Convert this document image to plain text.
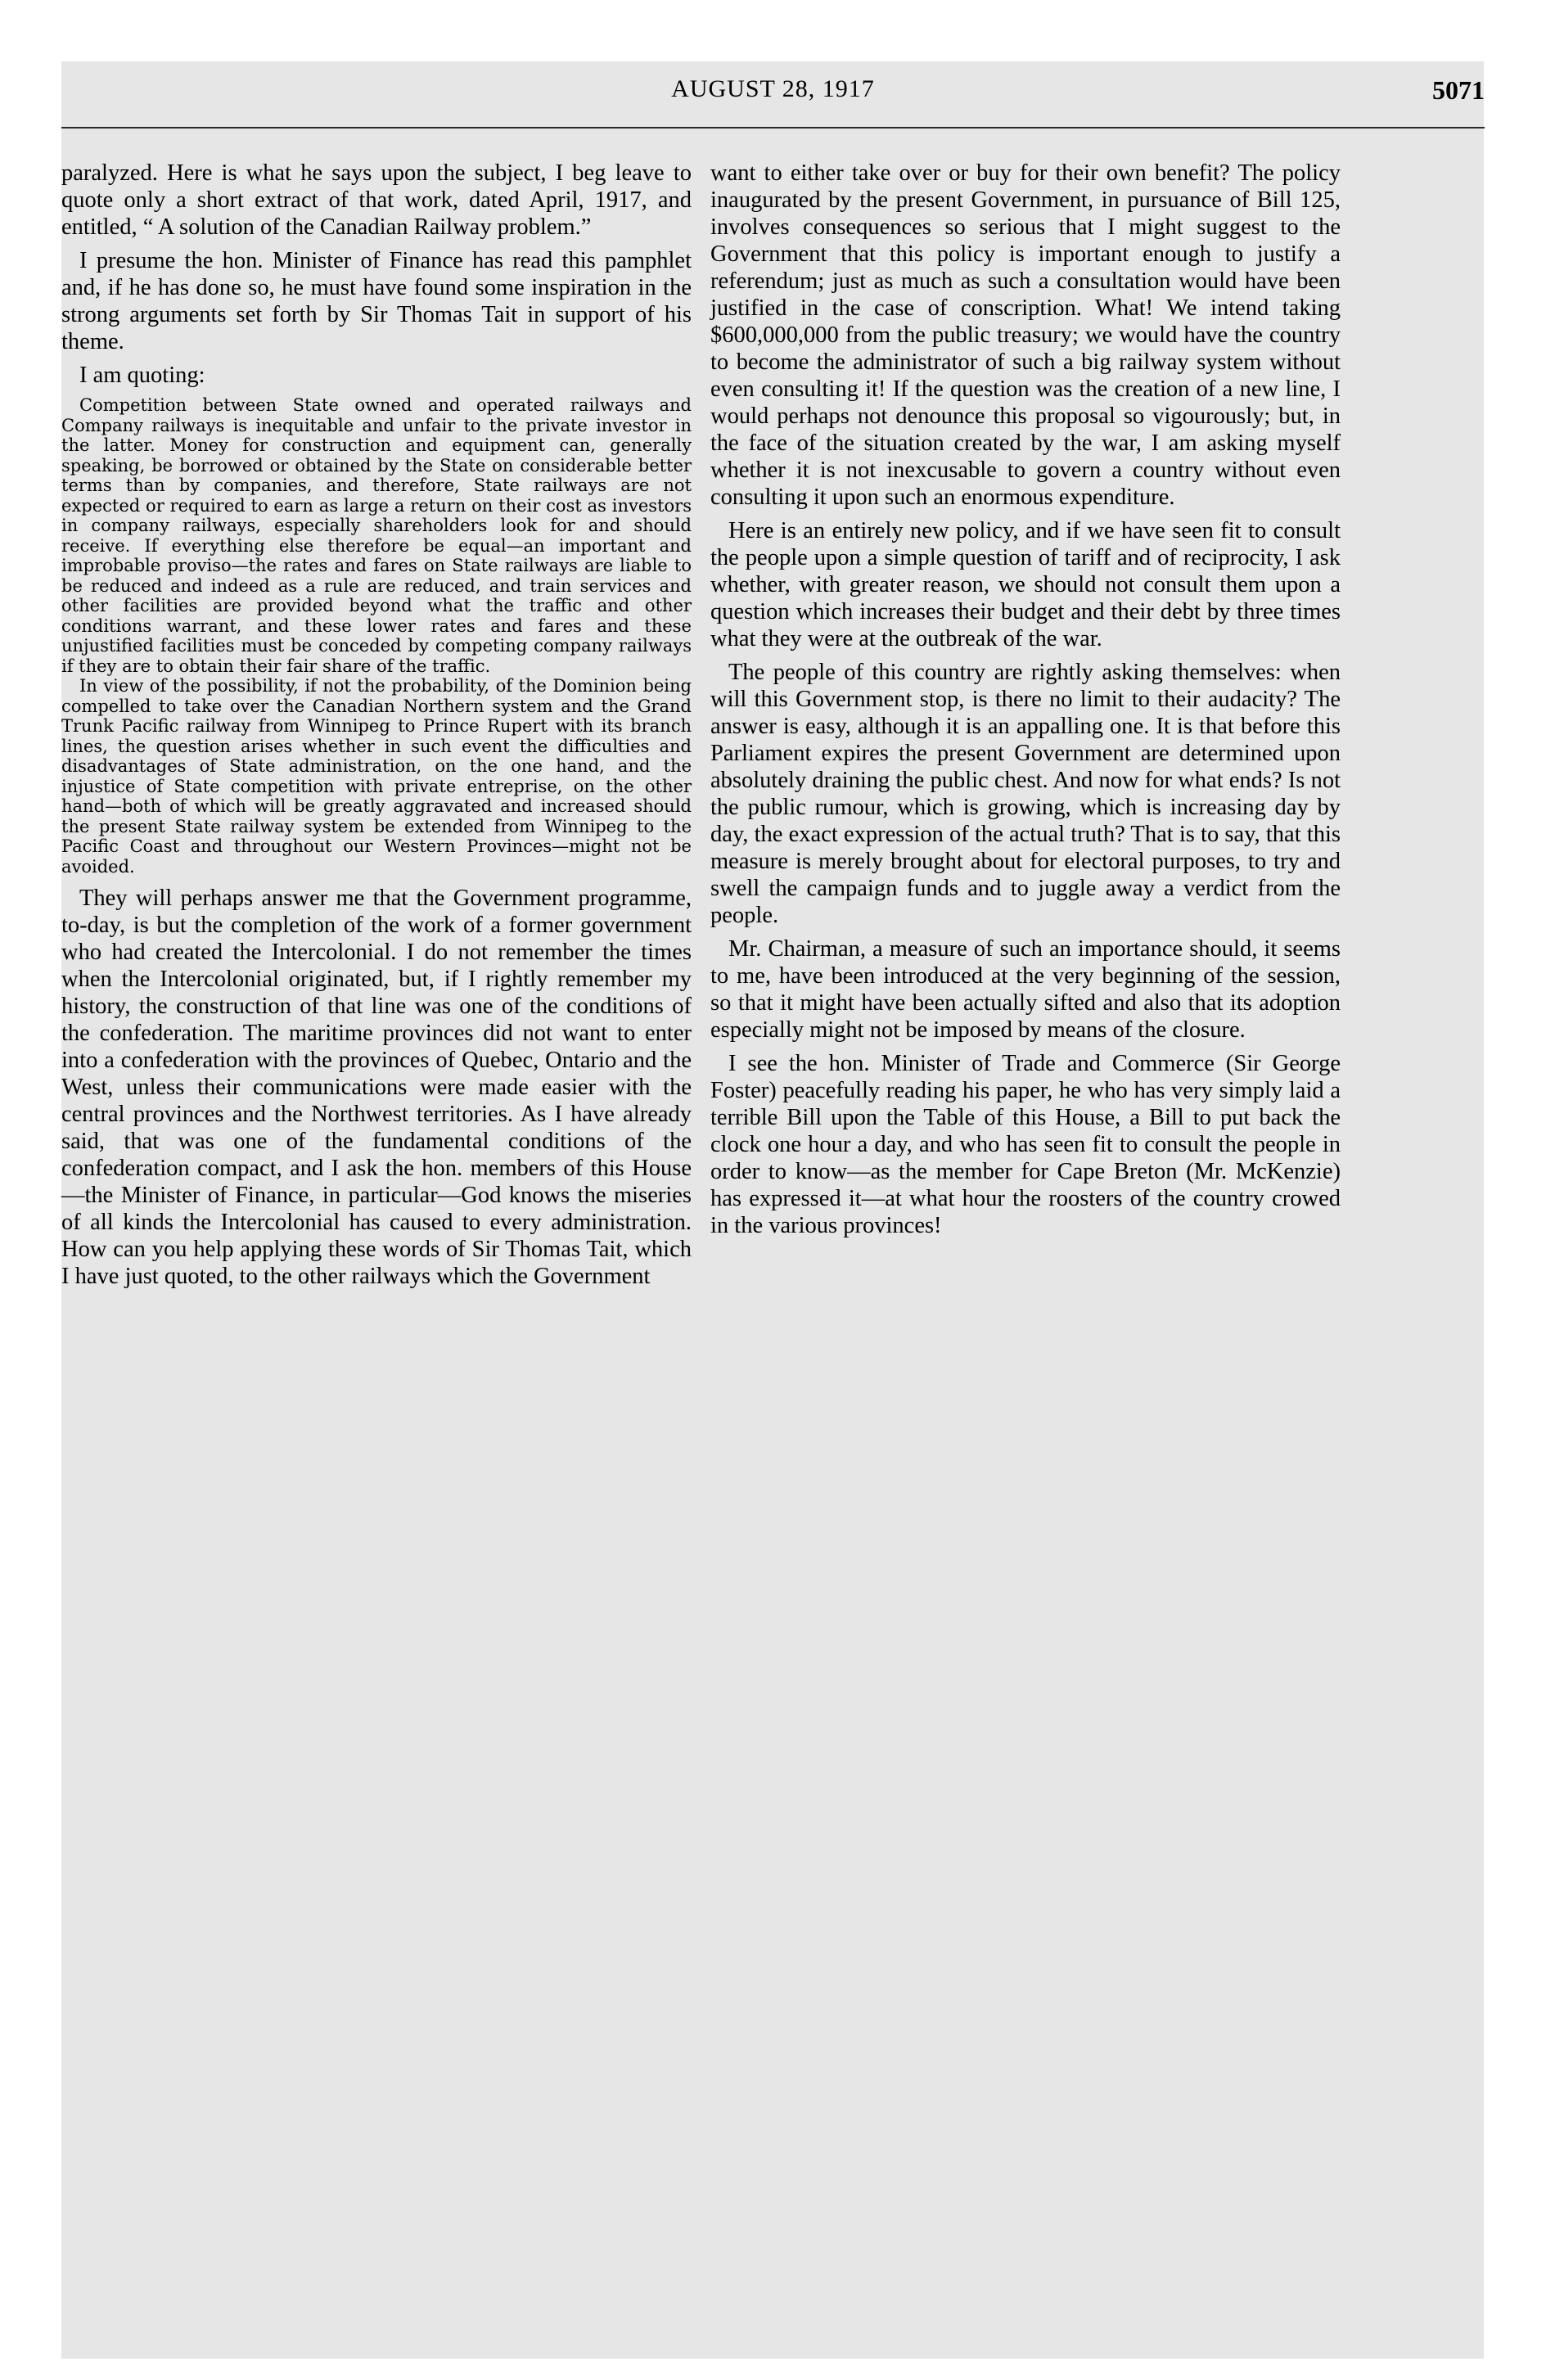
AUGUST 28, 1917	5071

paralyzed. Here is what he says upon the subject, I beg leave to quote only a short extract of that work, dated April, 1917, and entitled, “ A solution of the Canadian Railway problem.”

I presume the hon. Minister of Finance has read this pamphlet and, if he has done so, he must have found some inspiration in the strong arguments set forth by Sir Thomas Tait in support of his theme.

I am quoting:

Competition between State owned and operated railways and Company railways is inequitable and unfair to the private investor in the latter. Money for construction and equipment can, generally speaking, be borrowed or obtained by the State on considerable better terms than by companies, and therefore, State railways are not expected or required to earn as large a return on their cost as investors in company railways, especially shareholders look for and should receive. If everything else therefore be equal—an important and improbable proviso—the rates and fares on State railways are liable to be reduced and indeed as a rule are reduced, and train services and other facilities are provided beyond what the traffic and other conditions warrant, and these lower rates and fares and these unjustified facilities must be conceded by competing company railways if they are to obtain their fair share of the traffic.

In view of the possibility, if not the probability, of the Dominion being compelled to take over the Canadian Northern system and the Grand Trunk Pacific railway from Winnipeg to Prince Rupert with its branch lines, the question arises whether in such event the difficulties and disadvantages of State administration, on the one hand, and the injustice of State competition with private entreprise, on the other hand—both of which will be greatly aggravated and increased should the present State railway system be extended from Winnipeg to the Pacific Coast and throughout our Western Provinces—might not be avoided.

They will perhaps answer me that the Government programme, to-day, is but the completion of the work of a former government who had created the Intercolonial. I do not remember the times when the Intercolonial originated, but, if I rightly remember my history, the construction of that line was one of the conditions of the confederation. The maritime provinces did not want to enter into a confederation with the provinces of Quebec, Ontario and the West, unless their communications were made easier with the central provinces and the Northwest territories. As I have already said, that was one of the fundamental conditions of the confederation compact, and I ask the hon. members of this House—the Minister of Finance, in particular—God knows the miseries of all kinds the Intercolonial has caused to every administration. How can you help applying these words of Sir Thomas Tait, which I have just quoted, to the other railways which the Government

want to either take over or buy for their own benefit? The policy inaugurated by the present Government, in pursuance of Bill 125, involves consequences so serious that I might suggest to the Government that this policy is important enough to justify a referendum; just as much as such a consultation would have been justified in the case of conscription. What! We intend taking $600,000,000 from the public treasury; we would have the country to become the administrator of such a big railway system without even consulting it! If the question was the creation of a new line, I would perhaps not denounce this proposal so vigourously; but, in the face of the situation created by the war, I am asking myself whether it is not inexcusable to govern a country without even consulting it upon such an enormous expenditure.

Here is an entirely new policy, and if we have seen fit to consult the people upon a simple question of tariff and of reciprocity, I ask whether, with greater reason, we should not consult them upon a question which increases their budget and their debt by three times what they were at the outbreak of the war.

The people of this country are rightly asking themselves: when will this Government stop, is there no limit to their audacity? The answer is easy, although it is an appalling one. It is that before this Parliament expires the present Government are determined upon absolutely draining the public chest. And now for what ends? Is not the public rumour, which is growing, which is increasing day by day, the exact expression of the actual truth? That is to say, that this measure is merely brought about for electoral purposes, to try and swell the campaign funds and to juggle away a verdict from the people.

Mr. Chairman, a measure of such an importance should, it seems to me, have been introduced at the very beginning of the session, so that it might have been actually sifted and also that its adoption especially might not be imposed by means of the closure.

I see the hon. Minister of Trade and Commerce (Sir George Foster) peacefully reading his paper, he who has very simply laid a terrible Bill upon the Table of this House, a Bill to put back the clock one hour a day, and who has seen fit to consult the people in order to know—as the member for Cape Breton (Mr. McKenzie) has expressed it—at what hour the roosters of the country crowed in the various provinces!
